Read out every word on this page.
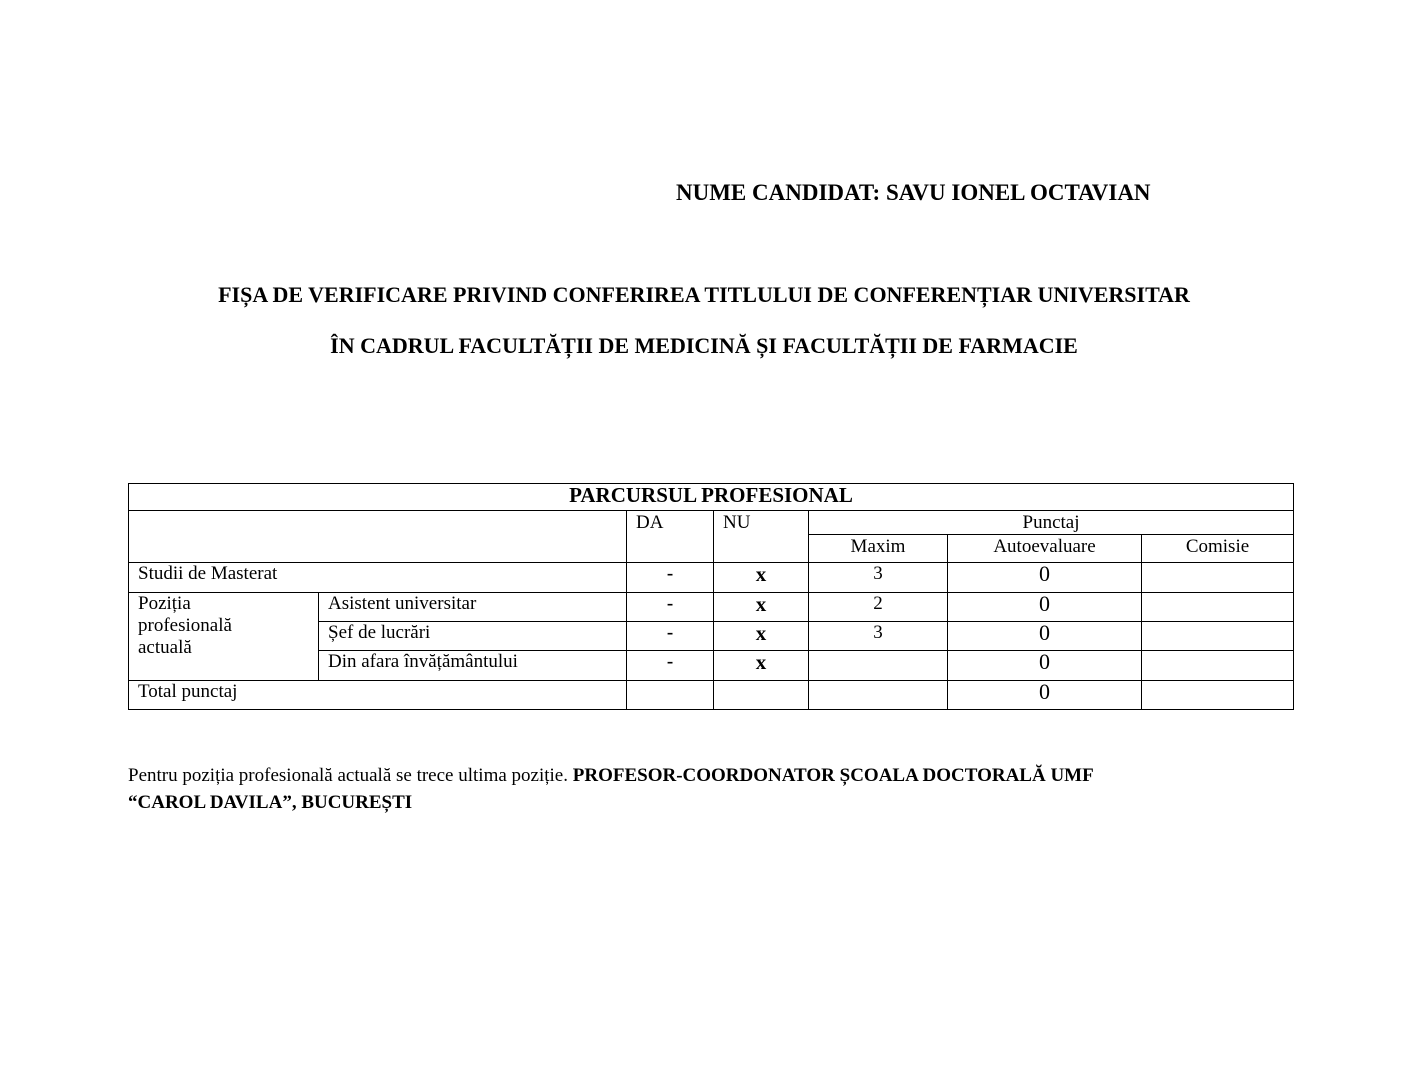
NUME CANDIDAT: SAVU IONEL OCTAVIAN
FIȘA DE VERIFICARE PRIVIND CONFERIREA TITLULUI DE CONFERENȚIAR UNIVERSITAR
ÎN CADRUL FACULTĂȚII DE MEDICINĂ ȘI FACULTĂȚII DE FARMACIE
PARCURSUL PROFESIONAL						
		DA	NU	Punctaj		
				Maxim	Autoevaluare	Comisie
Studii de Masterat		-	x	3	0	
Poziția profesională actuală	Asistent universitar	-	x	2	0	
	Șef de lucrări	-	x	3	0	
	Din afara învățământului	-	x		0	
Total punctaj					0	
Pentru poziția profesională actuală se trece ultima poziție. PROFESOR-COORDONATOR ȘCOALA DOCTORALĂ UMF
“CAROL DAVILA”, BUCUREȘTI
